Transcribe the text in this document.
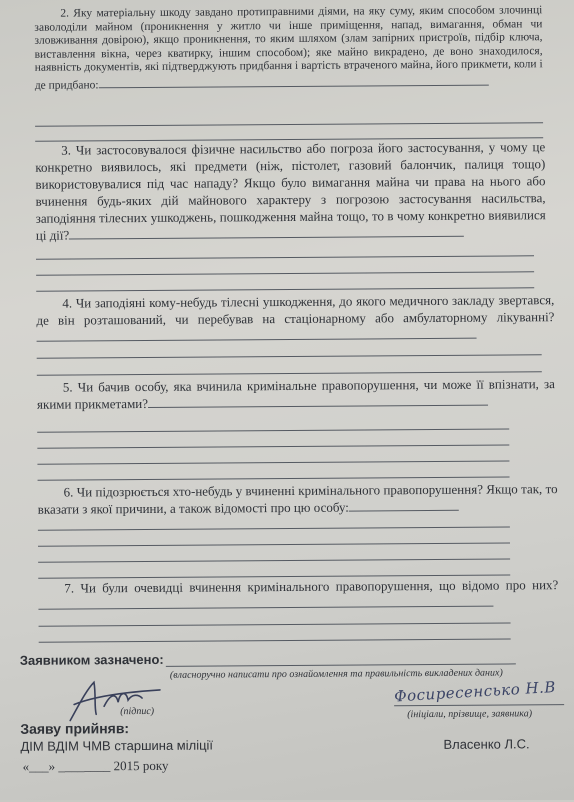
2. Яку матеріальну шкоду завдано протиправними діями, на яку суму, яким способом злочинці заволоділи майном (проникнення у житло чи інше приміщення, напад, вимагання, обман чи зловживання довірою), якщо проникнення, то яким шляхом (злам запірних пристроїв, підбір ключа, виставлення вікна, через кватирку, іншим способом); яке майно викрадено, де воно знаходилося, наявність документів, які підтверджують придбання і вартість втраченого майна, його прикмети, коли і де придбано:
3. Чи застосовувалося фізичне насильство або погроза його застосування, у чому це конкретно виявилось, які предмети (ніж, пістолет, газовий балончик, палиця тощо) використовувалися під час нападу? Якщо було вимагання майна чи права на нього або вчинення будь-яких дій майнового характеру з погрозою застосування насильства, заподіяння тілесних ушкоджень, пошкодження майна тощо, то в чому конкретно виявилися ці дії?
4. Чи заподіяні кому-небудь тілесні ушкодження, до якого медичного закладу звертався, де він розташований, чи перебував на стаціонарному або амбулаторному лікуванні?
5. Чи бачив особу, яка вчинила кримінальне правопорушення, чи може її впізнати, за якими прикметами?
6. Чи підозрюється хто-небудь у вчиненні кримінального правопорушення? Якщо так, то вказати з якої причини, а також відомості про цю особу:
7. Чи були очевидці вчинення кримінального правопорушення, що відомо про них?
Заявником зазначено:
(власноручно написати про ознайомлення та правильність викладених даних)
(підпис)
Фосиресенсько Н.В
(ініціали, прізвище, заявника)
Заяву прийняв:
ДІМ ВДІМ ЧМВ старшина міліції	Власенко Л.С.
«___» ________ 2015 року
